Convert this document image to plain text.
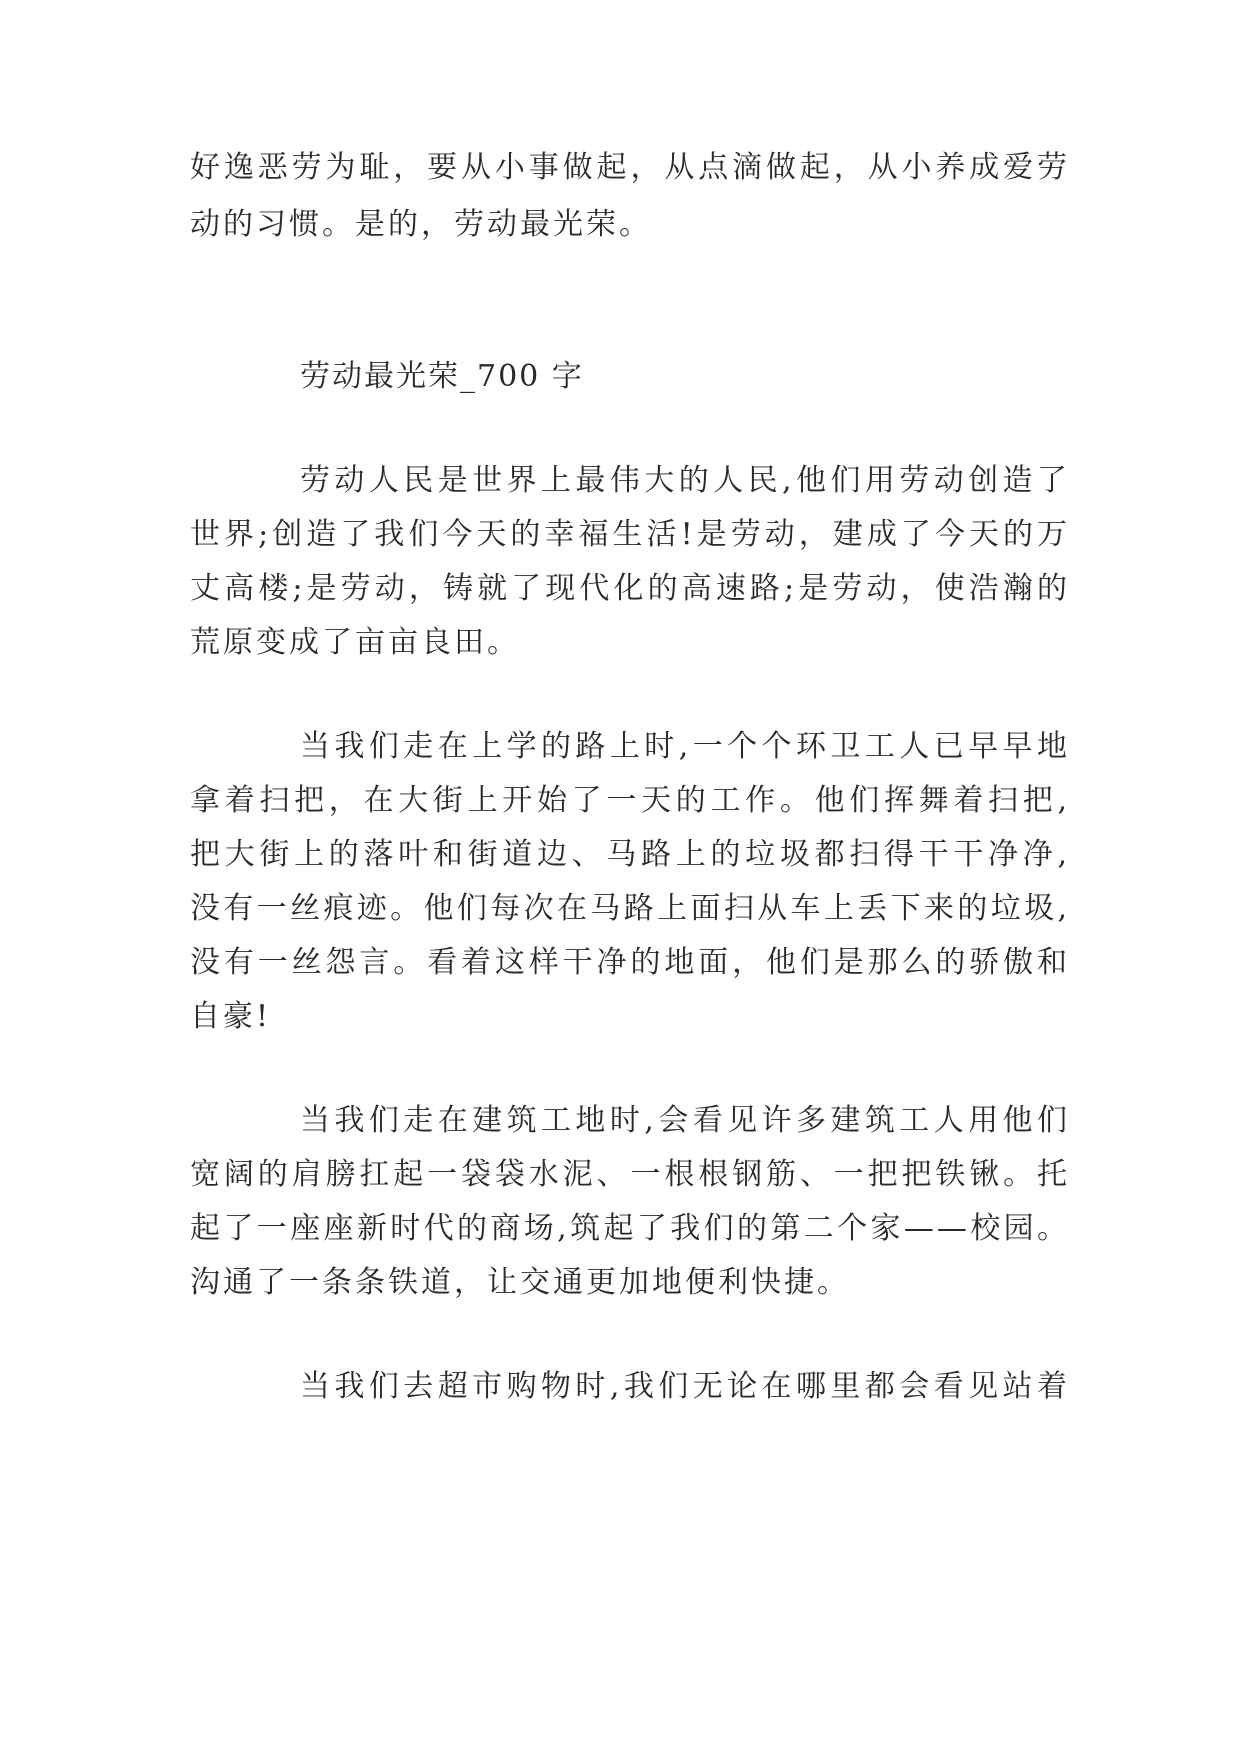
好逸恶劳为耻，要从小事做起，从点滴做起，从小养成爱劳
动的习惯。是的，劳动最光荣。
劳动最光荣_700 字
劳动人民是世界上最伟大的人民,他们用劳动创造了
世界;创造了我们今天的幸福生活!是劳动，建成了今天的万
丈高楼;是劳动，铸就了现代化的高速路;是劳动，使浩瀚的
荒原变成了亩亩良田。
当我们走在上学的路上时,一个个环卫工人已早早地
拿着扫把，在大街上开始了一天的工作。他们挥舞着扫把,
把大街上的落叶和街道边、马路上的垃圾都扫得干干净净,
没有一丝痕迹。他们每次在马路上面扫从车上丢下来的垃圾,
没有一丝怨言。看着这样干净的地面，他们是那么的骄傲和
自豪!
当我们走在建筑工地时,会看见许多建筑工人用他们
宽阔的肩膀扛起一袋袋水泥、一根根钢筋、一把把铁锹。托
起了一座座新时代的商场,筑起了我们的第二个家——校园。
沟通了一条条铁道，让交通更加地便利快捷。
当我们去超市购物时,我们无论在哪里都会看见站着
